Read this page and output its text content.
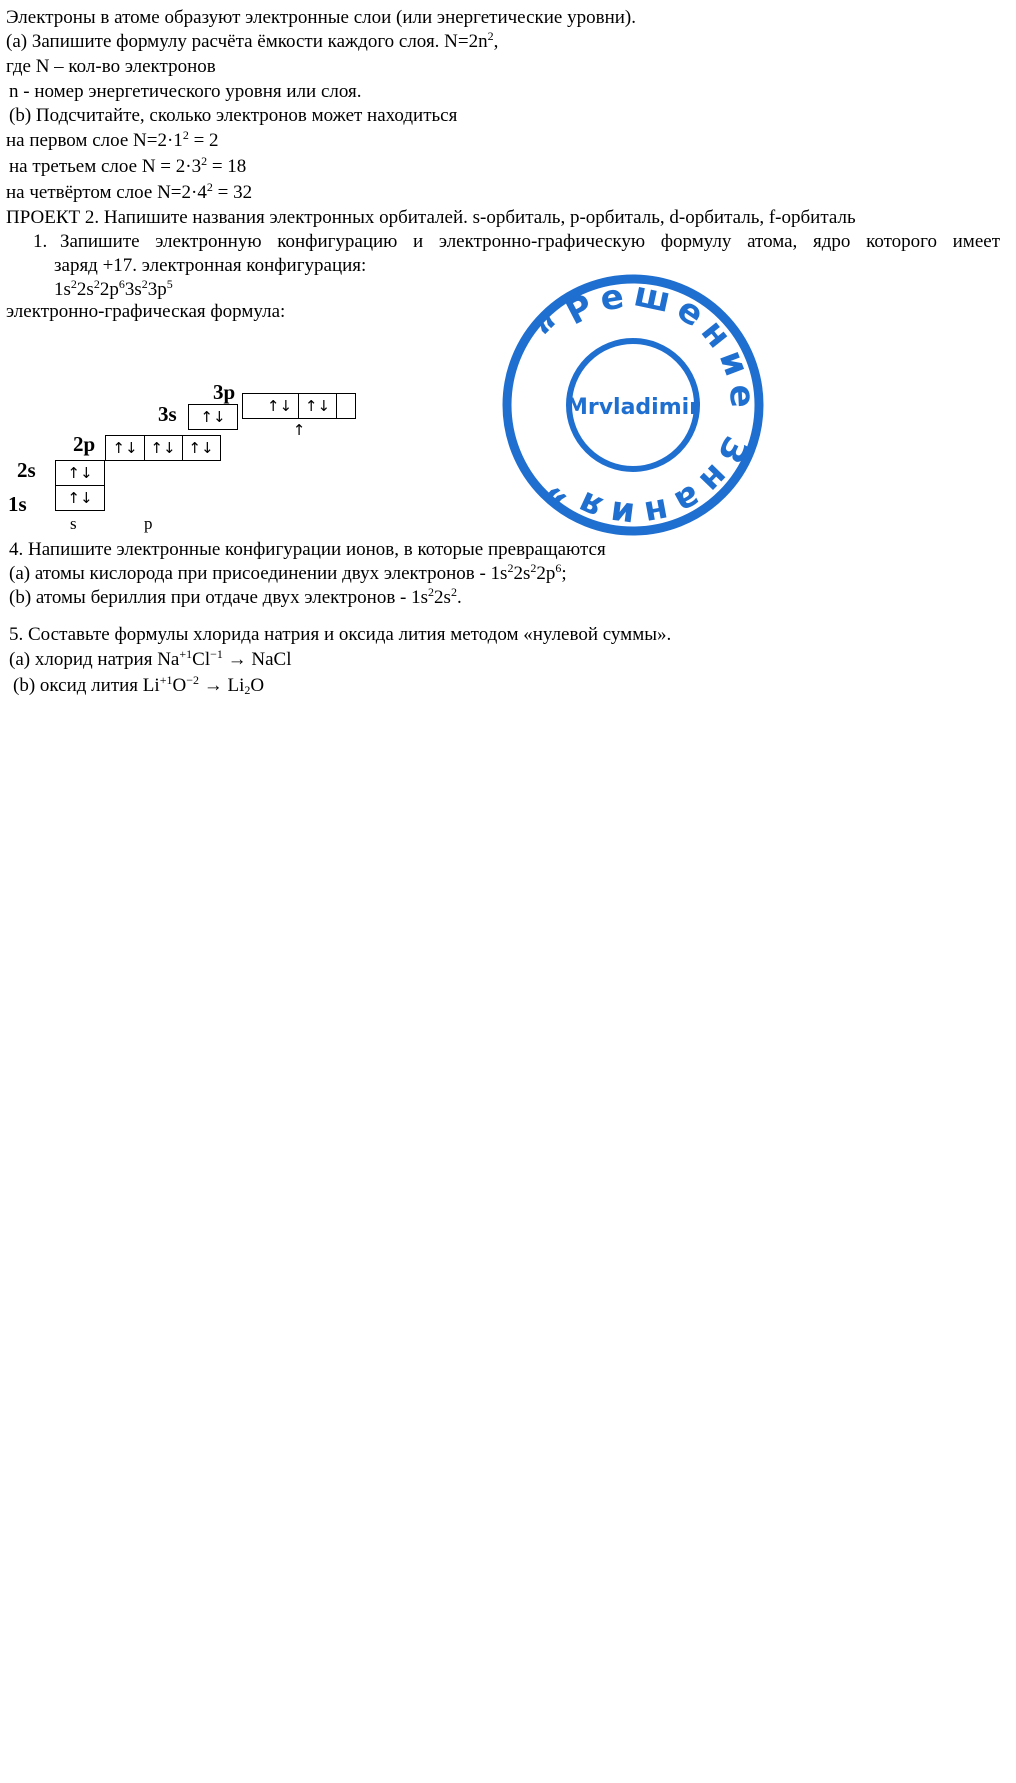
Электроны в атоме образуют электронные слои (или энергетические уровни).
(a) Запишите формулу расчёта ёмкости каждого слоя. $N=2n^2$,
где N – кол-во электронов
n - номер энергетического уровня или слоя.
(b) Подсчитайте, сколько электронов может находиться
на первом слое $N=2\cdot 1^2 = 2$
на третьем слое $N = 2\cdot 3^2 = 18$
на четвёртом слое $N=2\cdot 4^2 = 32$
ПРОЕКТ 2. Напишите названия электронных орбиталей. s-орбиталь, p-орбиталь, d-орбиталь, f-орбиталь
1. Запишите электронную конфигурацию и электронно-графическую формулу атома, ядро которого имеет
заряд +17. электронная конфигурация:
$1s^22s^22p^63s^23p^5$
электронно-графическая формула:
3p
↑↓ ↑↓↑
3s	↑↓
2p	↑↓ ↑↓ ↑↓
2s	↑↓
1s	↑↓
s	p
“Решение Знания”
Mrvladimir
4. Напишите электронные конфигурации ионов, в которые превращаются
(a) атомы кислорода при присоединении двух электронов - $1s^22s^22p^6$;
(b) атомы бериллия при отдаче двух электронов - $1s^22s^2$.
5. Составьте формулы хлорида натрия и оксида лития методом «нулевой суммы».
(a) хлорид натрия $Na^{+1}Cl^{-1}$ → NaCl
(b) оксид лития $Li^{+1}O^{-2} \to Li_2O$
